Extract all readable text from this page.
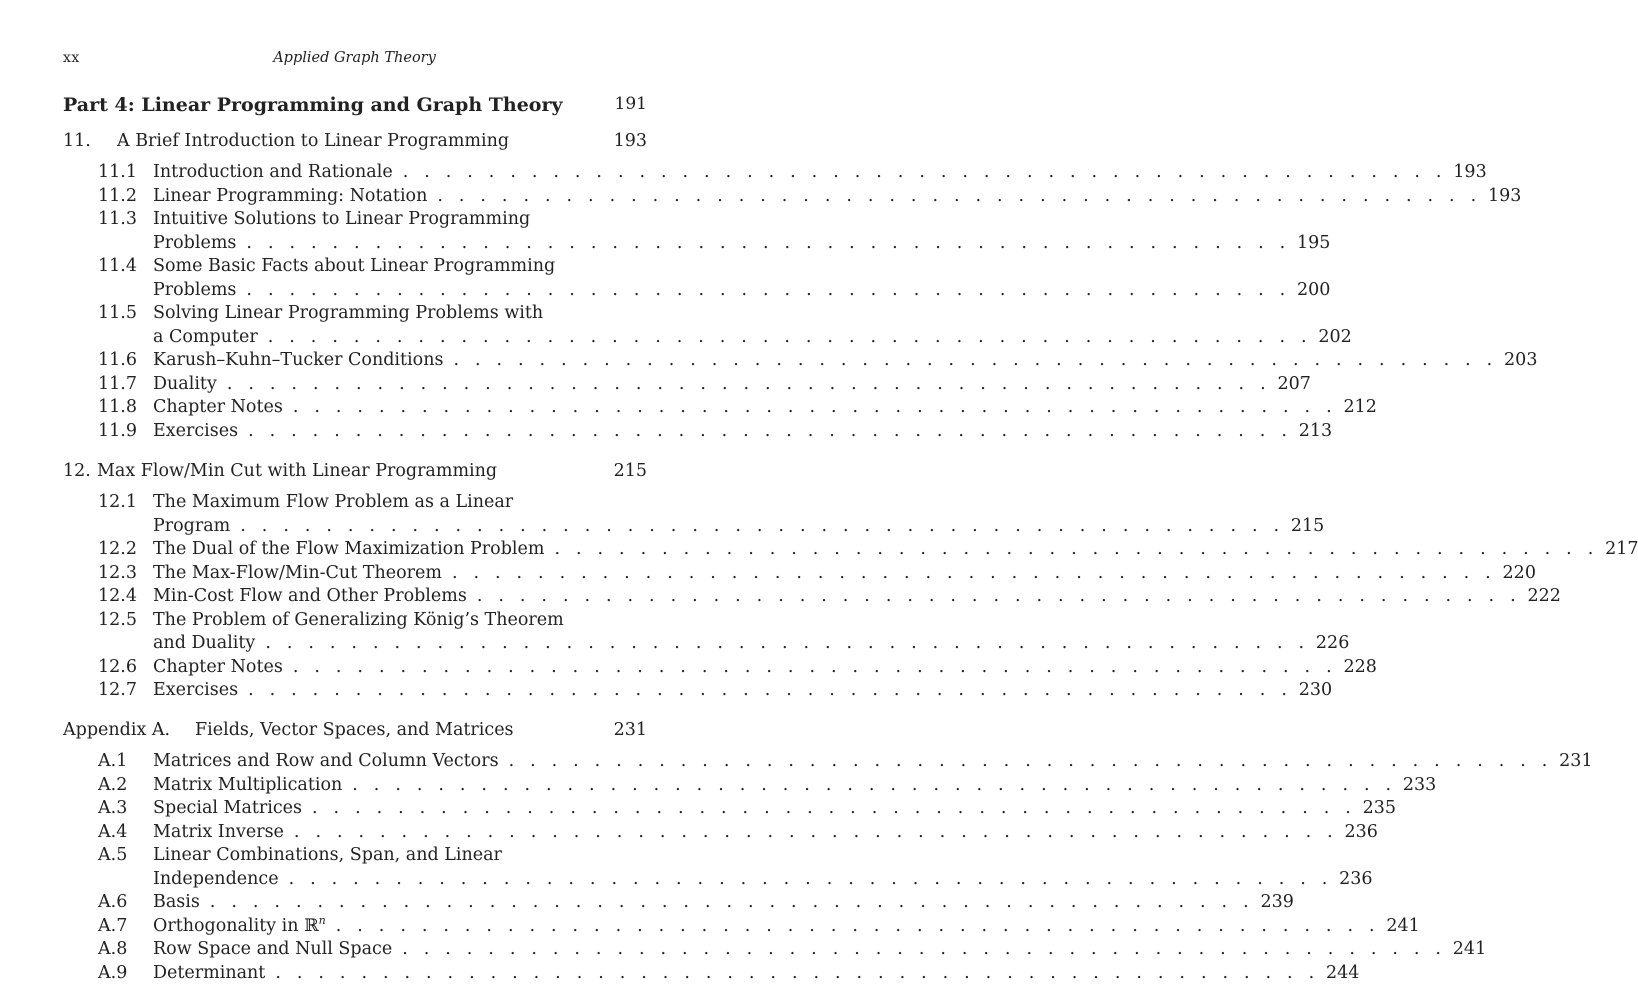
xx	Applied Graph Theory
Part 4: Linear Programming and Graph Theory	191
11. A Brief Introduction to Linear Programming	193
11.1 Introduction and Rationale . . . . . . . . . . . . . . . . . . . . . . . . . . . . . . . . . . . . . . . . . . . . . . . . . 193
11.2 Linear Programming: Notation . . . . . . . . . . . . . . . . . . . . . . . . . . . . . . . . . . . . . . . . . . . . . . . . . 193
11.3 Intuitive Solutions to Linear Programming
Problems . . . . . . . . . . . . . . . . . . . . . . . . . . . . . . . . . . . . . . . . . . . . . . . . . 195
11.4 Some Basic Facts about Linear Programming
Problems . . . . . . . . . . . . . . . . . . . . . . . . . . . . . . . . . . . . . . . . . . . . . . . . . 200
11.5 Solving Linear Programming Problems with
a Computer . . . . . . . . . . . . . . . . . . . . . . . . . . . . . . . . . . . . . . . . . . . . . . . . . 202
11.6 Karush–Kuhn–Tucker Conditions . . . . . . . . . . . . . . . . . . . . . . . . . . . . . . . . . . . . . . . . . . . . . . . . . 203
11.7 Duality . . . . . . . . . . . . . . . . . . . . . . . . . . . . . . . . . . . . . . . . . . . . . . . . . 207
11.8 Chapter Notes . . . . . . . . . . . . . . . . . . . . . . . . . . . . . . . . . . . . . . . . . . . . . . . . . 212
11.9 Exercises . . . . . . . . . . . . . . . . . . . . . . . . . . . . . . . . . . . . . . . . . . . . . . . . . 213
12. Max Flow/Min Cut with Linear Programming	215
12.1 The Maximum Flow Problem as a Linear
Program . . . . . . . . . . . . . . . . . . . . . . . . . . . . . . . . . . . . . . . . . . . . . . . . . 215
12.2 The Dual of the Flow Maximization Problem . . . . . . . . . . . . . . . . . . . . . . . . . . . . . . . . . . . . . . . . . . . . . . . . . 217
12.3 The Max-Flow/Min-Cut Theorem . . . . . . . . . . . . . . . . . . . . . . . . . . . . . . . . . . . . . . . . . . . . . . . . . 220
12.4 Min-Cost Flow and Other Problems . . . . . . . . . . . . . . . . . . . . . . . . . . . . . . . . . . . . . . . . . . . . . . . . . 222
12.5 The Problem of Generalizing König’s Theorem
and Duality . . . . . . . . . . . . . . . . . . . . . . . . . . . . . . . . . . . . . . . . . . . . . . . . . 226
12.6 Chapter Notes . . . . . . . . . . . . . . . . . . . . . . . . . . . . . . . . . . . . . . . . . . . . . . . . . 228
12.7 Exercises . . . . . . . . . . . . . . . . . . . . . . . . . . . . . . . . . . . . . . . . . . . . . . . . . 230
Appendix A. Fields, Vector Spaces, and Matrices	231
A.1	Matrices and Row and Column Vectors . . . . . . . . . . . . . . . . . . . . . . . . . . . . . . . . . . . . . . . . . . . . . . . . . 231
A.2	Matrix Multiplication . . . . . . . . . . . . . . . . . . . . . . . . . . . . . . . . . . . . . . . . . . . . . . . . . 233
A.3	Special Matrices . . . . . . . . . . . . . . . . . . . . . . . . . . . . . . . . . . . . . . . . . . . . . . . . . 235
A.4	Matrix Inverse . . . . . . . . . . . . . . . . . . . . . . . . . . . . . . . . . . . . . . . . . . . . . . . . . 236
A.5	Linear Combinations, Span, and Linear
Independence . . . . . . . . . . . . . . . . . . . . . . . . . . . . . . . . . . . . . . . . . . . . . . . . . 236
A.6	Basis . . . . . . . . . . . . . . . . . . . . . . . . . . . . . . . . . . . . . . . . . . . . . . . . . 239
A.7	Orthogonality in ℝ$^n$ . . . . . . . . . . . . . . . . . . . . . . . . . . . . . . . . . . . . . . . . . . . . . . . . . 241
A.8	Row Space and Null Space . . . . . . . . . . . . . . . . . . . . . . . . . . . . . . . . . . . . . . . . . . . . . . . . . 241
A.9	Determinant . . . . . . . . . . . . . . . . . . . . . . . . . . . . . . . . . . . . . . . . . . . . . . . . . 244
